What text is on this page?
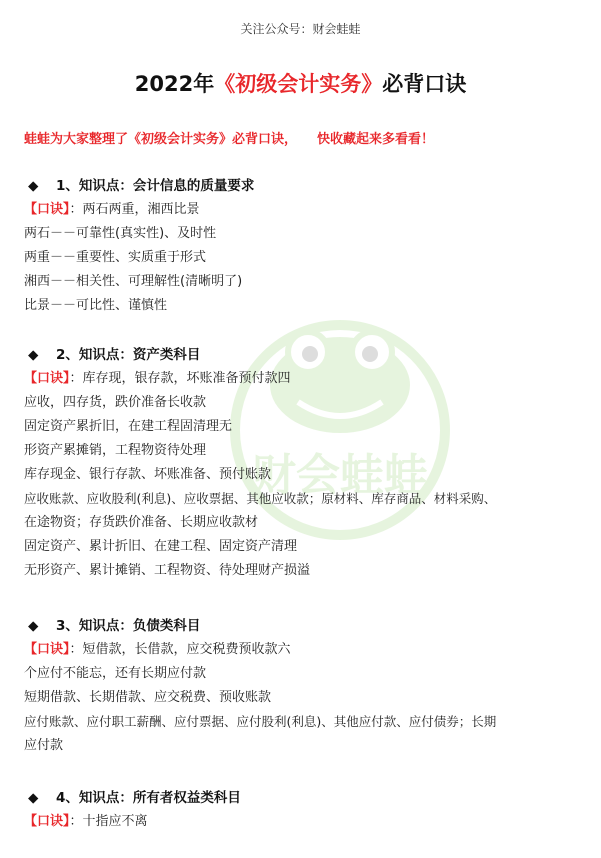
财会蛙蛙
关注公众号：财会蛙蛙
2022年《初级会计实务》必背口诀
蛙蛙为大家整理了《初级会计实务》必背口诀， 快收藏起来多看看！
◆ 1、知识点：会计信息的质量要求
【口诀】：两石两重，湘西比景
两石－－可靠性(真实性)、及时性
两重－－重要性、实质重于形式
湘西－－相关性、可理解性(清晰明了)
比景－－可比性、谨慎性
◆ 2、知识点：资产类科目
【口诀】：库存现，银存款，坏账准备预付款四
应收，四存货，跌价准备长收款
固定资产累折旧，在建工程固清理无
形资产累摊销，工程物资待处理
库存现金、银行存款、坏账准备、预付账款
应收账款、应收股利(利息)、应收票据、其他应收款；原材料、库存商品、材料采购、
在途物资；存货跌价准备、长期应收款材
固定资产、累计折旧、在建工程、固定资产清理
无形资产、累计摊销、工程物资、待处理财产损溢
◆ 3、知识点：负债类科目
【口诀】：短借款，长借款，应交税费预收款六
个应付不能忘，还有长期应付款
短期借款、长期借款、应交税费、预收账款
应付账款、应付职工薪酬、应付票据、应付股利(利息)、其他应付款、应付债券；长期
应付款
◆ 4、知识点：所有者权益类科目
【口诀】：十指应不离
